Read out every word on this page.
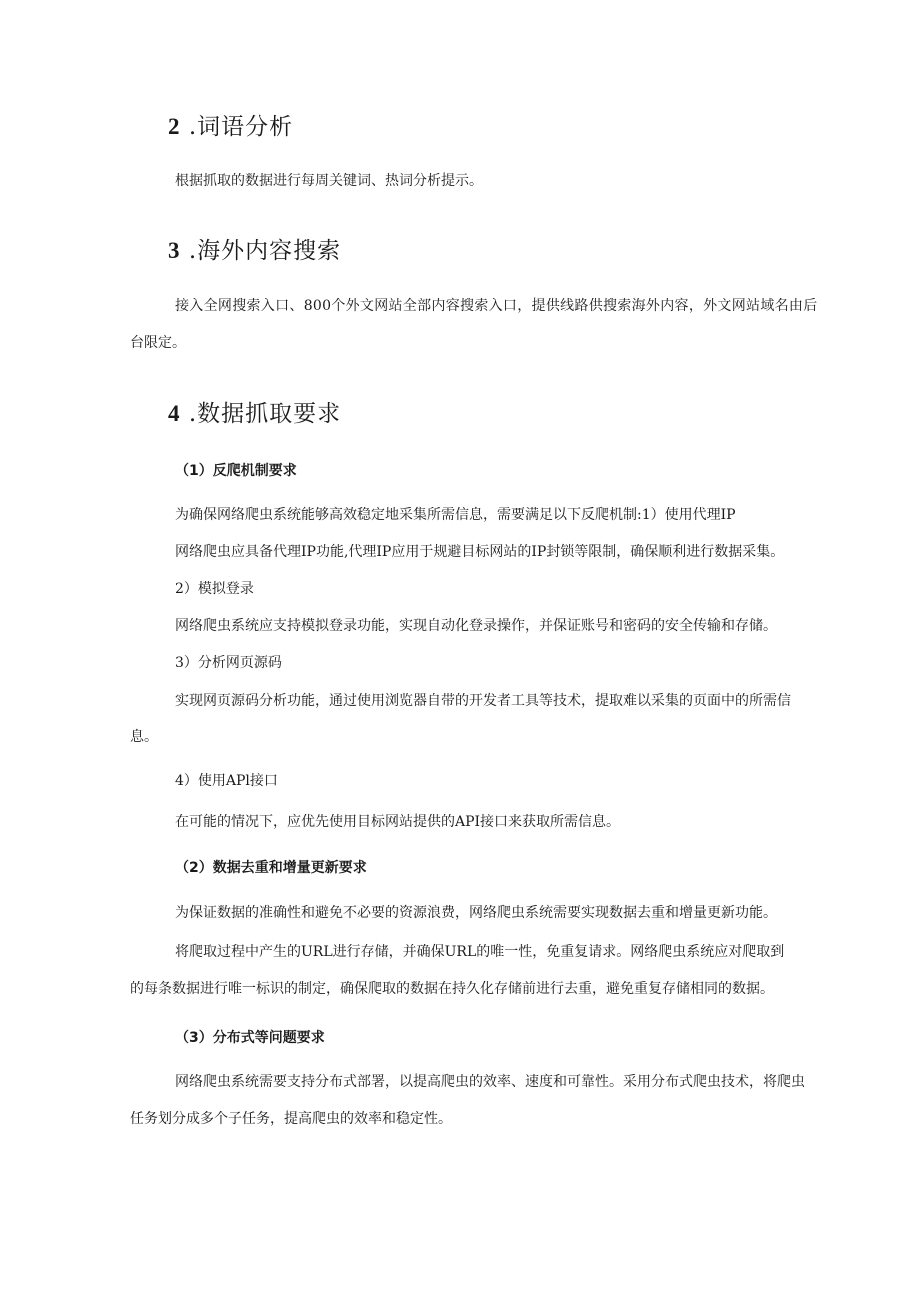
2 .词语分析
根据抓取的数据进行每周关键词、热词分析提示。
3 .海外内容搜索
接入全网搜索入口、800个外文网站全部内容搜索入口，提供线路供搜索海外内容，外文网站域名由后
台限定。
4 .数据抓取要求
（1）反爬机制要求
为确保网络爬虫系统能够高效稳定地采集所需信息，需要满足以下反爬机制:1）使用代理IP
网络爬虫应具备代理IP功能,代理IP应用于规避目标网站的IP封锁等限制，确保顺利进行数据采集。
2）模拟登录
网络爬虫系统应支持模拟登录功能，实现自动化登录操作，并保证账号和密码的安全传输和存储。
3）分析网页源码
实现网页源码分析功能，通过使用浏览器自带的开发者工具等技术，提取难以采集的页面中的所需信
息。
4）使用APl接口
在可能的情况下，应优先使用目标网站提供的API接口来获取所需信息。
（2）数据去重和增量更新要求
为保证数据的准确性和避免不必要的资源浪费，网络爬虫系统需要实现数据去重和增量更新功能。
将爬取过程中产生的URL进行存储，并确保URL的唯一性，免重复请求。网络爬虫系统应对爬取到
的每条数据进行唯一标识的制定，确保爬取的数据在持久化存储前进行去重，避免重复存储相同的数据。
（3）分布式等问题要求
网络爬虫系统需要支持分布式部署，以提高爬虫的效率、速度和可靠性。采用分布式爬虫技术，将爬虫
任务划分成多个子任务，提高爬虫的效率和稳定性。
